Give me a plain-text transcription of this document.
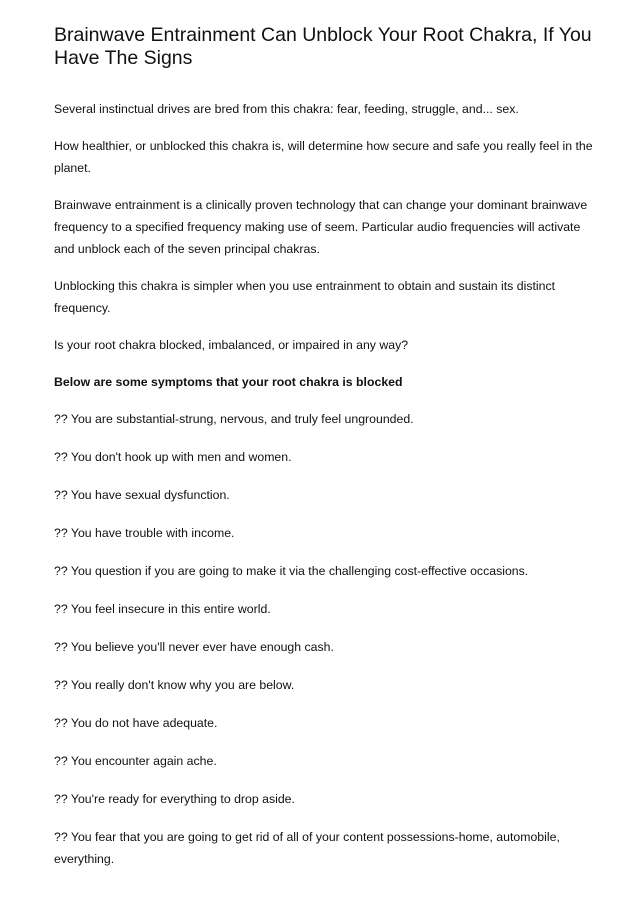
Brainwave Entrainment Can Unblock Your Root Chakra, If You Have The Signs

Several instinctual drives are bred from this chakra: fear, feeding, struggle, and... sex.

How healthier, or unblocked this chakra is, will determine how secure and safe you really feel in the planet.

Brainwave entrainment is a clinically proven technology that can change your dominant brainwave frequency to a specified frequency making use of seem. Particular audio frequencies will activate and unblock each of the seven principal chakras.

Unblocking this chakra is simpler when you use entrainment to obtain and sustain its distinct frequency.

Is your root chakra blocked, imbalanced, or impaired in any way?

Below are some symptoms that your root chakra is blocked

?? You are substantial-strung, nervous, and truly feel ungrounded.

?? You don't hook up with men and women.

?? You have sexual dysfunction.

?? You have trouble with income.

?? You question if you are going to make it via the challenging cost-effective occasions.

?? You feel insecure in this entire world.

?? You believe you'll never ever have enough cash.

?? You really don't know why you are below.

?? You do not have adequate.

?? You encounter again ache.

?? You're ready for everything to drop aside.

?? You fear that you are going to get rid of all of your content possessions-home, automobile, everything.
